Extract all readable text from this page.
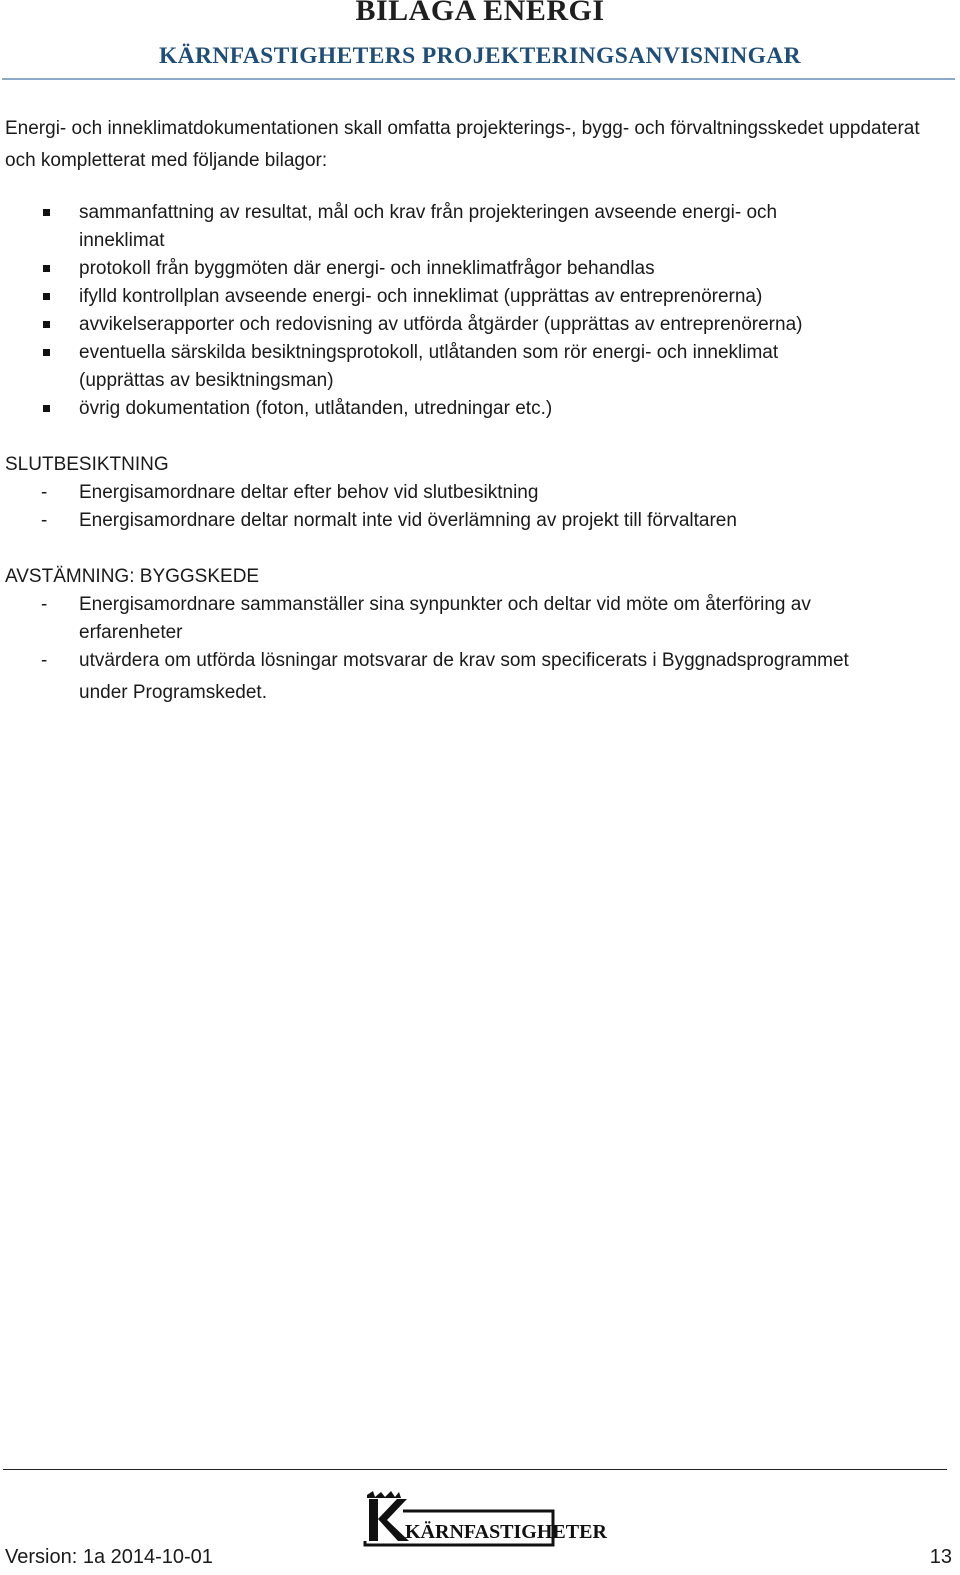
BILAGA ENERGI
KÄRNFASTIGHETERS PROJEKTERINGSANVISNINGAR
Energi- och inneklimatdokumentationen skall omfatta projekterings-, bygg- och förvaltningsskedet uppdaterat och kompletterat med följande bilagor:
sammanfattning av resultat, mål och krav från projekteringen avseende energi- och
inneklimat
protokoll från byggmöten där energi- och inneklimatfrågor behandlas
ifylld kontrollplan avseende energi- och inneklimat (upprättas av entreprenörerna)
avvikelserapporter och redovisning av utförda åtgärder (upprättas av entreprenörerna)
eventuella särskilda besiktningsprotokoll, utlåtanden som rör energi- och inneklimat
(upprättas av besiktningsman)
övrig dokumentation (foton, utlåtanden, utredningar etc.)
SLUTBESIKTNING
- Energisamordnare deltar efter behov vid slutbesiktning
- Energisamordnare deltar normalt inte vid överlämning av projekt till förvaltaren
AVSTÄMNING: BYGGSKEDE
- Energisamordnare sammanställer sina synpunkter och deltar vid möte om återföring av
erfarenheter
- utvärdera om utförda lösningar motsvarar de krav som specificerats i Byggnadsprogrammet
under Programskedet.
KÄRNFASTIGHETER
Version: 1a 2014-10-01	13
